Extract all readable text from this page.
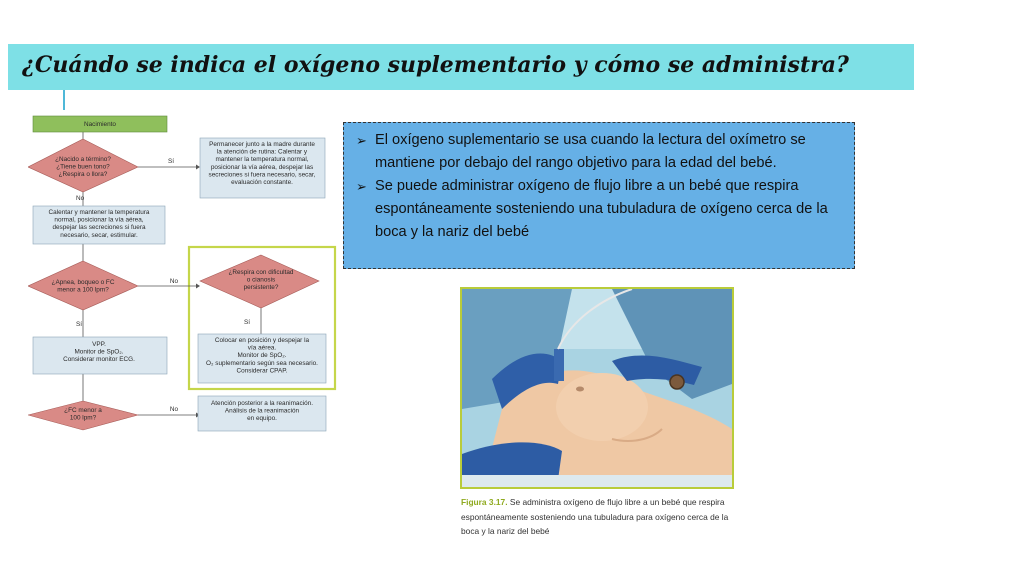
¿Cuándo se indica el oxígeno suplementario y cómo se administra?
Nacimiento
¿Nacido a término?
¿Tiene buen tono?
¿Respira o llora?
Sí
No
Permanecer junto a la madre durante
la atención de rutina: Calentar y
mantener la temperatura normal,
posicionar la vía aérea, despejar las
secreciones si fuera necesario, secar,
evaluación constante.
Calentar y mantener la temperatura
normal, posicionar la vía aérea,
despejar las secreciones si fuera
necesario, secar, estimular.
¿Apnea, boqueo o FC
menor a 100 lpm?
No
Sí
¿Respira con dificultad
o cianosis
persistente?
Sí
VPP.
Monitor de SpO₂.
Considerar monitor ECG.
Colocar en posición y despejar la
vía aérea.
Monitor de SpO₂.
O₂ suplementario según sea necesario.
Considerar CPAP.
¿FC menor a
100 lpm?
No
Atención posterior a la reanimación.
Análisis de la reanimación
en equipo.
➢ El oxígeno suplementario se usa cuando la lectura del oxímetro se mantiene por debajo del rango objetivo para la edad del bebé.
➢ Se puede administrar oxígeno de flujo libre a un bebé que respira espontáneamente sosteniendo una tubuladura de oxígeno cerca de la boca y la nariz del bebé
Figura 3.17. Se administra oxígeno de flujo libre a un bebé que respira espontáneamente sosteniendo una tubuladura para oxígeno cerca de la boca y la nariz del bebé
